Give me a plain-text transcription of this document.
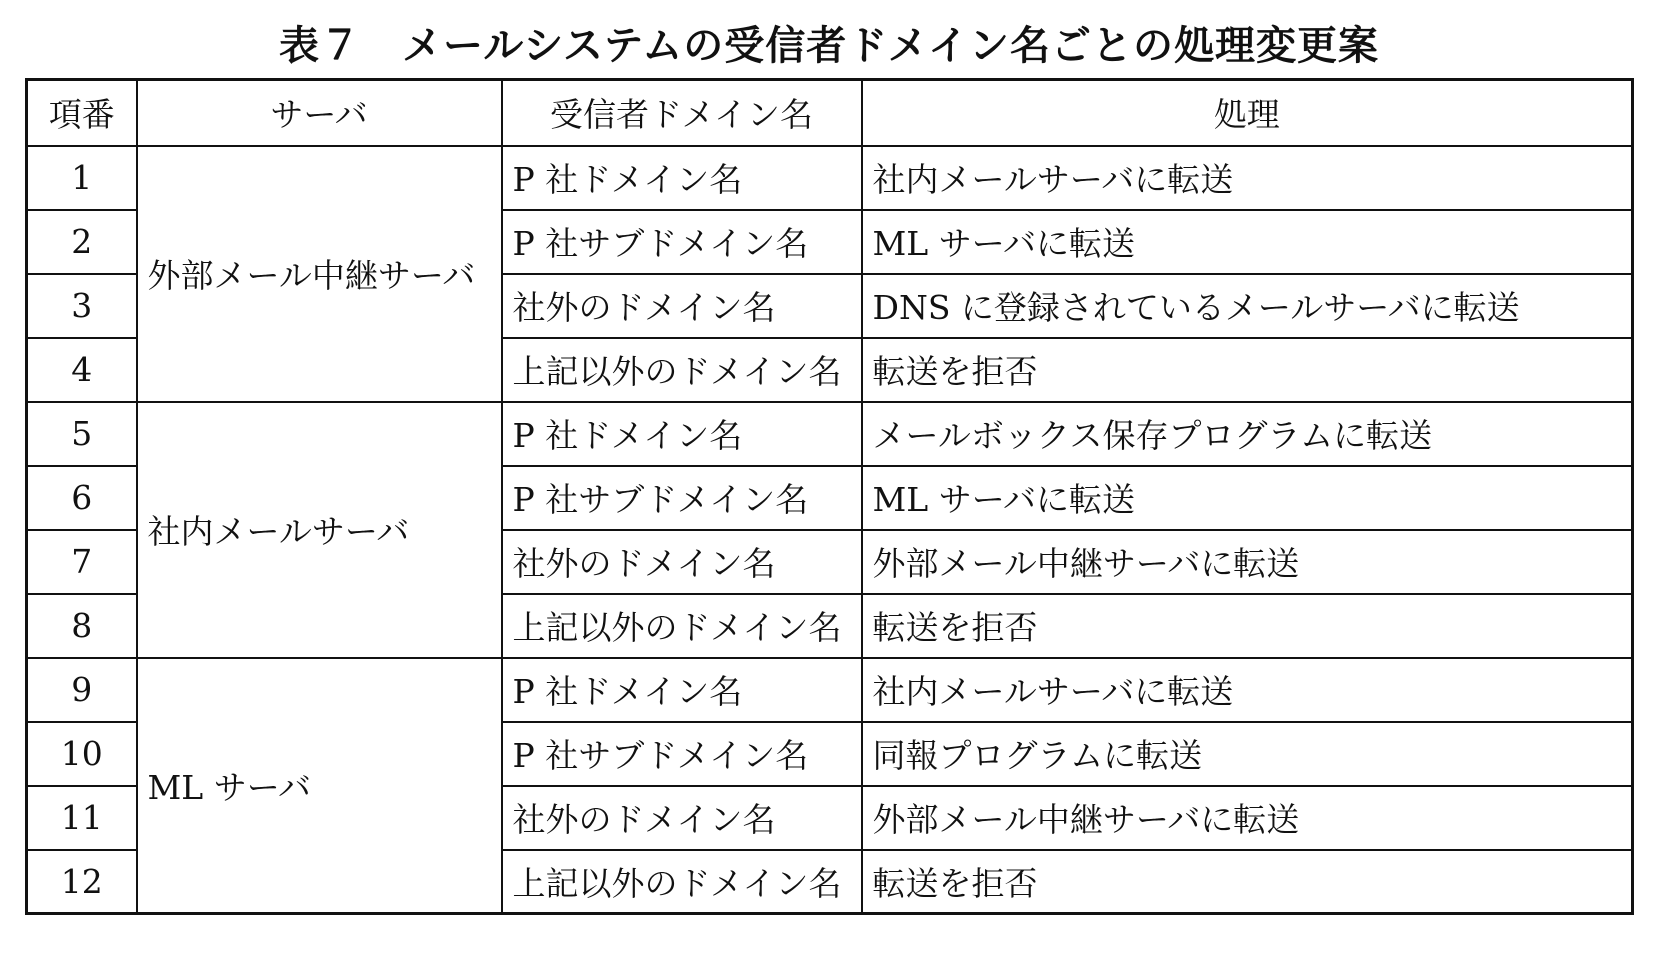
表７　メールシステムの受信者ドメイン名ごとの処理変更案
項番	サーバ	受信者ドメイン名	処理
1	外部メール中継サーバ	P 社ドメイン名	社内メールサーバに転送
2		P 社サブドメイン名	ML サーバに転送
3		社外のドメイン名	DNS に登録されているメールサーバに転送
4		上記以外のドメイン名	転送を拒否
5	社内メールサーバ	P 社ドメイン名	メールボックス保存プログラムに転送
6		P 社サブドメイン名	ML サーバに転送
7		社外のドメイン名	外部メール中継サーバに転送
8		上記以外のドメイン名	転送を拒否
9	ML サーバ	P 社ドメイン名	社内メールサーバに転送
10		P 社サブドメイン名	同報プログラムに転送
11		社外のドメイン名	外部メール中継サーバに転送
12		上記以外のドメイン名	転送を拒否
